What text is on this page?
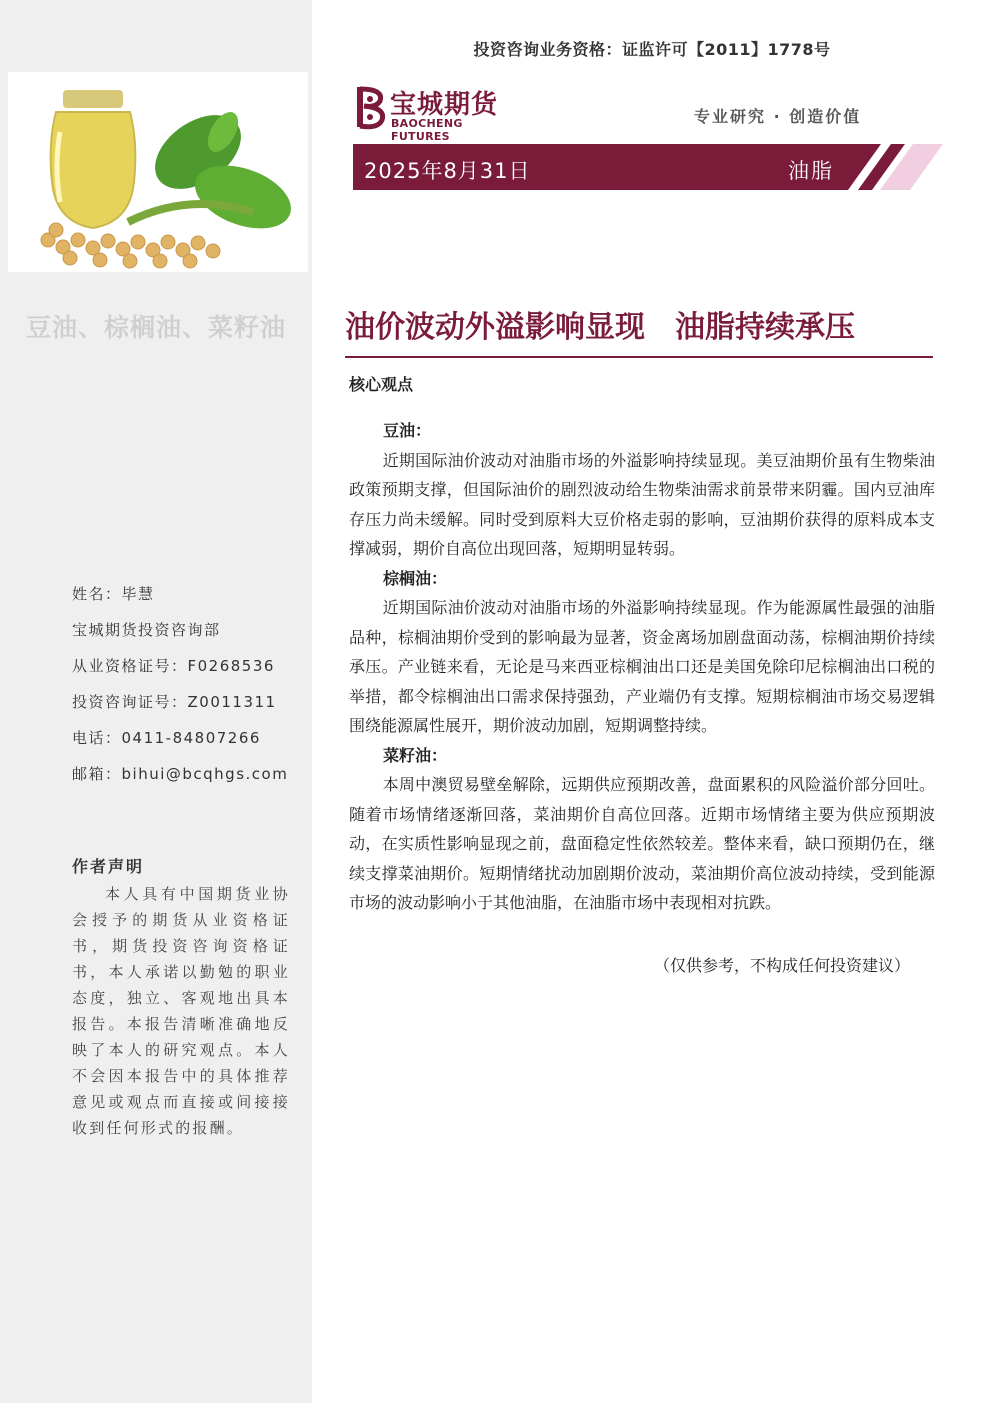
豆油、棕榈油、菜籽油
姓名：毕慧
宝城期货投资咨询部
从业资格证号：F0268536
投资咨询证号：Z0011311
电话：0411-84807266
邮箱：bihui@bcqhgs.com
作者声明
本人具有中国期货业协会授予的期货从业资格证书，期货投资咨询资格证书，本人承诺以勤勉的职业态度，独立、客观地出具本报告。本报告清晰准确地反映了本人的研究观点。本人不会因本报告中的具体推荐意见或观点而直接或间接接收到任何形式的报酬。
投资咨询业务资格：证监许可【2011】1778号
宝城期货
BAOCHENG FUTURES
专业研究 · 创造价值
2025年8月31日	油脂
油价波动外溢影响显现　油脂持续承压
核心观点
豆油：
近期国际油价波动对油脂市场的外溢影响持续显现。美豆油期价虽有生物柴油政策预期支撑，但国际油价的剧烈波动给生物柴油需求前景带来阴霾。国内豆油库存压力尚未缓解。同时受到原料大豆价格走弱的影响，豆油期价获得的原料成本支撑减弱，期价自高位出现回落，短期明显转弱。
棕榈油：
近期国际油价波动对油脂市场的外溢影响持续显现。作为能源属性最强的油脂品种，棕榈油期价受到的影响最为显著，资金离场加剧盘面动荡，棕榈油期价持续承压。产业链来看，无论是马来西亚棕榈油出口还是美国免除印尼棕榈油出口税的举措，都令棕榈油出口需求保持强劲，产业端仍有支撑。短期棕榈油市场交易逻辑围绕能源属性展开，期价波动加剧，短期调整持续。
菜籽油：
本周中澳贸易壁垒解除，远期供应预期改善，盘面累积的风险溢价部分回吐。随着市场情绪逐渐回落，菜油期价自高位回落。近期市场情绪主要为供应预期波动，在实质性影响显现之前，盘面稳定性依然较差。整体来看，缺口预期仍在，继续支撑菜油期价。短期情绪扰动加剧期价波动，菜油期价高位波动持续，受到能源市场的波动影响小于其他油脂，在油脂市场中表现相对抗跌。
（仅供参考，不构成任何投资建议）
